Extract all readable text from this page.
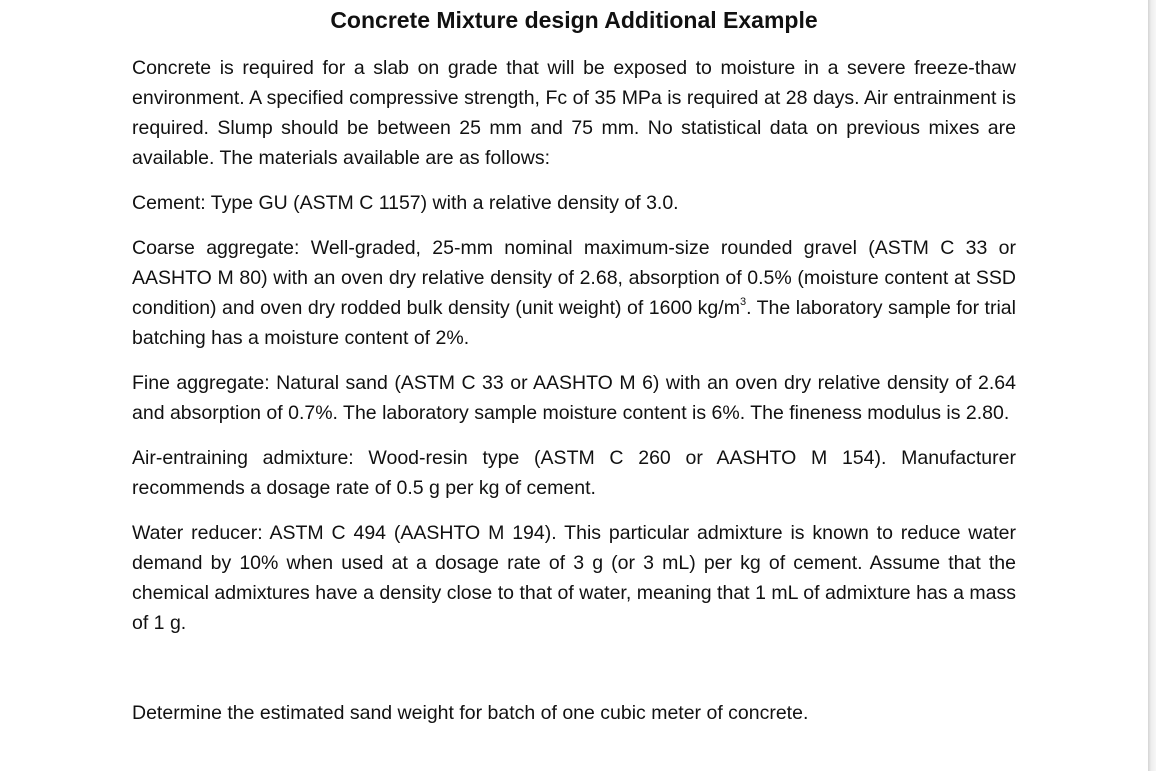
Concrete Mixture design Additional Example

Concrete is required for a slab on grade that will be exposed to moisture in a severe freeze-thaw environment. A specified compressive strength, Fc of 35 MPa is required at 28 days. Air entrainment is required. Slump should be between 25 mm and 75 mm. No statistical data on previous mixes are available. The materials available are as follows:

Cement: Type GU (ASTM C 1157) with a relative density of 3.0.

Coarse aggregate: Well-graded, 25-mm nominal maximum-size rounded gravel (ASTM C 33 or AASHTO M 80) with an oven dry relative density of 2.68, absorption of 0.5% (moisture content at SSD condition) and oven dry rodded bulk density (unit weight) of 1600 $kg/m^3$. The laboratory sample for trial batching has a moisture content of 2%.

Fine aggregate: Natural sand (ASTM C 33 or AASHTO M 6) with an oven dry relative density of 2.64 and absorption of 0.7%. The laboratory sample moisture content is 6%. The fineness modulus is 2.80.

Air-entraining admixture: Wood-resin type (ASTM C 260 or AASHTO M 154). Manufacturer recommends a dosage rate of 0.5 g per kg of cement.

Water reducer: ASTM C 494 (AASHTO M 194). This particular admixture is known to reduce water demand by 10% when used at a dosage rate of 3 g (or 3 mL) per kg of cement. Assume that the chemical admixtures have a density close to that of water, meaning that 1 mL of admixture has a mass of 1 g.

Determine the estimated sand weight for batch of one cubic meter of concrete.
